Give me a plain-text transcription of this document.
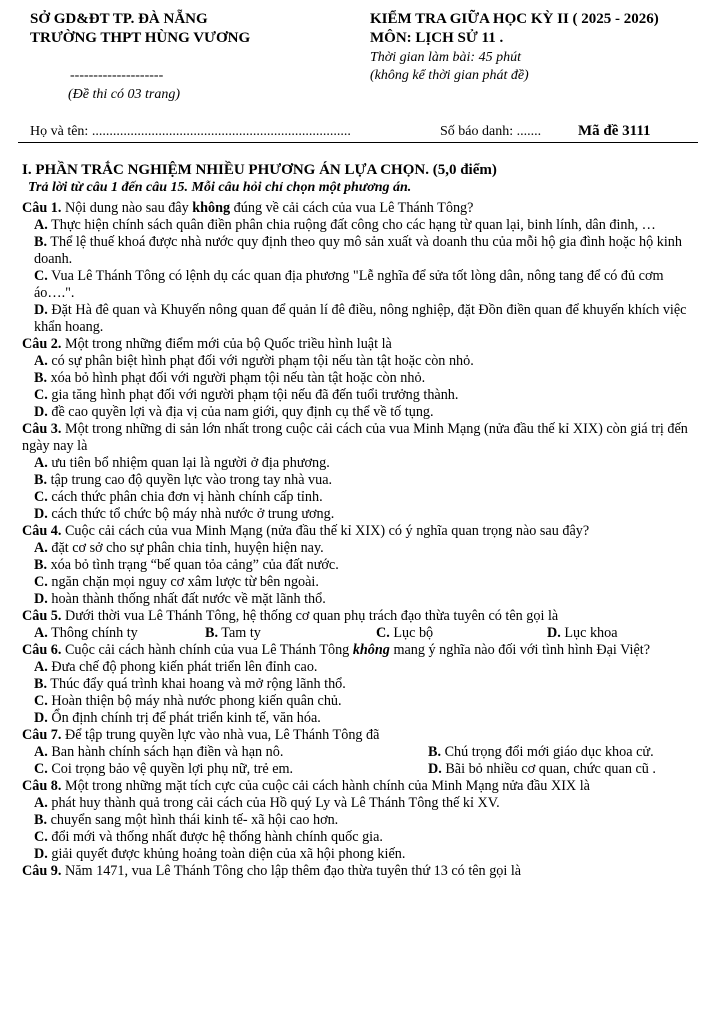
SỞ GD&ĐT TP. ĐÀ NẴNG
TRƯỜNG THPT HÙNG VƯƠNG
--------------------
(Đề thi có 03 trang)
KIỂM TRA GIỮA HỌC KỲ II ( 2025 - 2026)
MÔN: LỊCH SỬ 11 .
Thời gian làm bài: 45 phút
(không kể thời gian phát đề)
Họ và tên: ..........................................................................	Số báo danh: ....... Mã đề 3111
I. PHẦN TRẮC NGHIỆM NHIỀU PHƯƠNG ÁN LỰA CHỌN. (5,0 điểm)
Trả lời từ câu 1 đến câu 15. Mỗi câu hỏi chỉ chọn một phương án.

Câu 1. Nội dung nào sau đây không đúng về cải cách của vua Lê Thánh Tông?

A. Thực hiện chính sách quân điền phân chia ruộng đất công cho các hạng từ quan lại, binh lính, dân đinh, …

B. Thể lệ thuế khoá được nhà nước quy định theo quy mô sản xuất và doanh thu của mỗi hộ gia đình hoặc hộ kinh doanh.

C. Vua Lê Thánh Tông có lệnh dụ các quan địa phương "Lễ nghĩa để sửa tốt lòng dân, nông tang để có đủ cơm áo….".

D. Đặt Hà đê quan và Khuyến nông quan để quản lí đê điều, nông nghiệp, đặt Đồn điền quan để khuyến khích việc khẩn hoang.

Câu 2. Một trong những điểm mới của bộ Quốc triều hình luật là

A. có sự phân biệt hình phạt đối với người phạm tội nếu tàn tật hoặc còn nhỏ.

B. xóa bỏ hình phạt đối với người phạm tội nếu tàn tật hoặc còn nhỏ.

C. gia tăng hình phạt đối với người phạm tội nếu đã đến tuổi trưởng thành.

D. đề cao quyền lợi và địa vị của nam giới, quy định cụ thể về tố tụng.

Câu 3. Một trong những di sản lớn nhất trong cuộc cải cách của vua Minh Mạng (nửa đầu thế kỉ XIX) còn giá trị đến ngày nay là

A. ưu tiên bổ nhiệm quan lại là người ở địa phương.

B. tập trung cao độ quyền lực vào trong tay nhà vua.

C. cách thức phân chia đơn vị hành chính cấp tỉnh.

D. cách thức tổ chức bộ máy nhà nước ở trung ương.

Câu 4. Cuộc cải cách của vua Minh Mạng (nửa đầu thế kỉ XIX) có ý nghĩa quan trọng nào sau đây?

A. đặt cơ sở cho sự phân chia tỉnh, huyện hiện nay.

B. xóa bỏ tình trạng “bế quan tỏa cảng” của đất nước.

C. ngăn chặn mọi nguy cơ xâm lược từ bên ngoài.

D. hoàn thành thống nhất đất nước về mặt lãnh thổ.

Câu 5. Dưới thời vua Lê Thánh Tông, hệ thống cơ quan phụ trách đạo thừa tuyên có tên gọi là

A. Thông chính ty	B. Tam ty	C. Lục bộ	D. Lục khoa

Câu 6. Cuộc cải cách hành chính của vua Lê Thánh Tông không mang ý nghĩa nào đối với tình hình Đại Việt?

A. Đưa chế độ phong kiến phát triển lên đỉnh cao.

B. Thúc đẩy quá trình khai hoang và mở rộng lãnh thổ.

C. Hoàn thiện bộ máy nhà nước phong kiến quân chủ.

D. Ổn định chính trị để phát triển kinh tế, văn hóa.

Câu 7. Để tập trung quyền lực vào nhà vua, Lê Thánh Tông đã

A. Ban hành chính sách hạn điền và hạn nô.	B. Chú trọng đổi mới giáo dục khoa cử.
C. Coi trọng bảo vệ quyền lợi phụ nữ, trẻ em.	D. Bãi bỏ nhiều cơ quan, chức quan cũ .

Câu 8. Một trong những mặt tích cực của cuộc cải cách hành chính của Minh Mạng nửa đầu XIX là

A. phát huy thành quả trong cải cách của Hồ quý Ly và Lê Thánh Tông thế kỉ XV.

B. chuyển sang một hình thái kinh tế- xã hội cao hơn.

C. đổi mới và thống nhất được hệ thống hành chính quốc gia.

D. giải quyết được khủng hoảng toàn diện của xã hội phong kiến.

Câu 9. Năm 1471, vua Lê Thánh Tông cho lập thêm đạo thừa tuyên thứ 13 có tên gọi là
